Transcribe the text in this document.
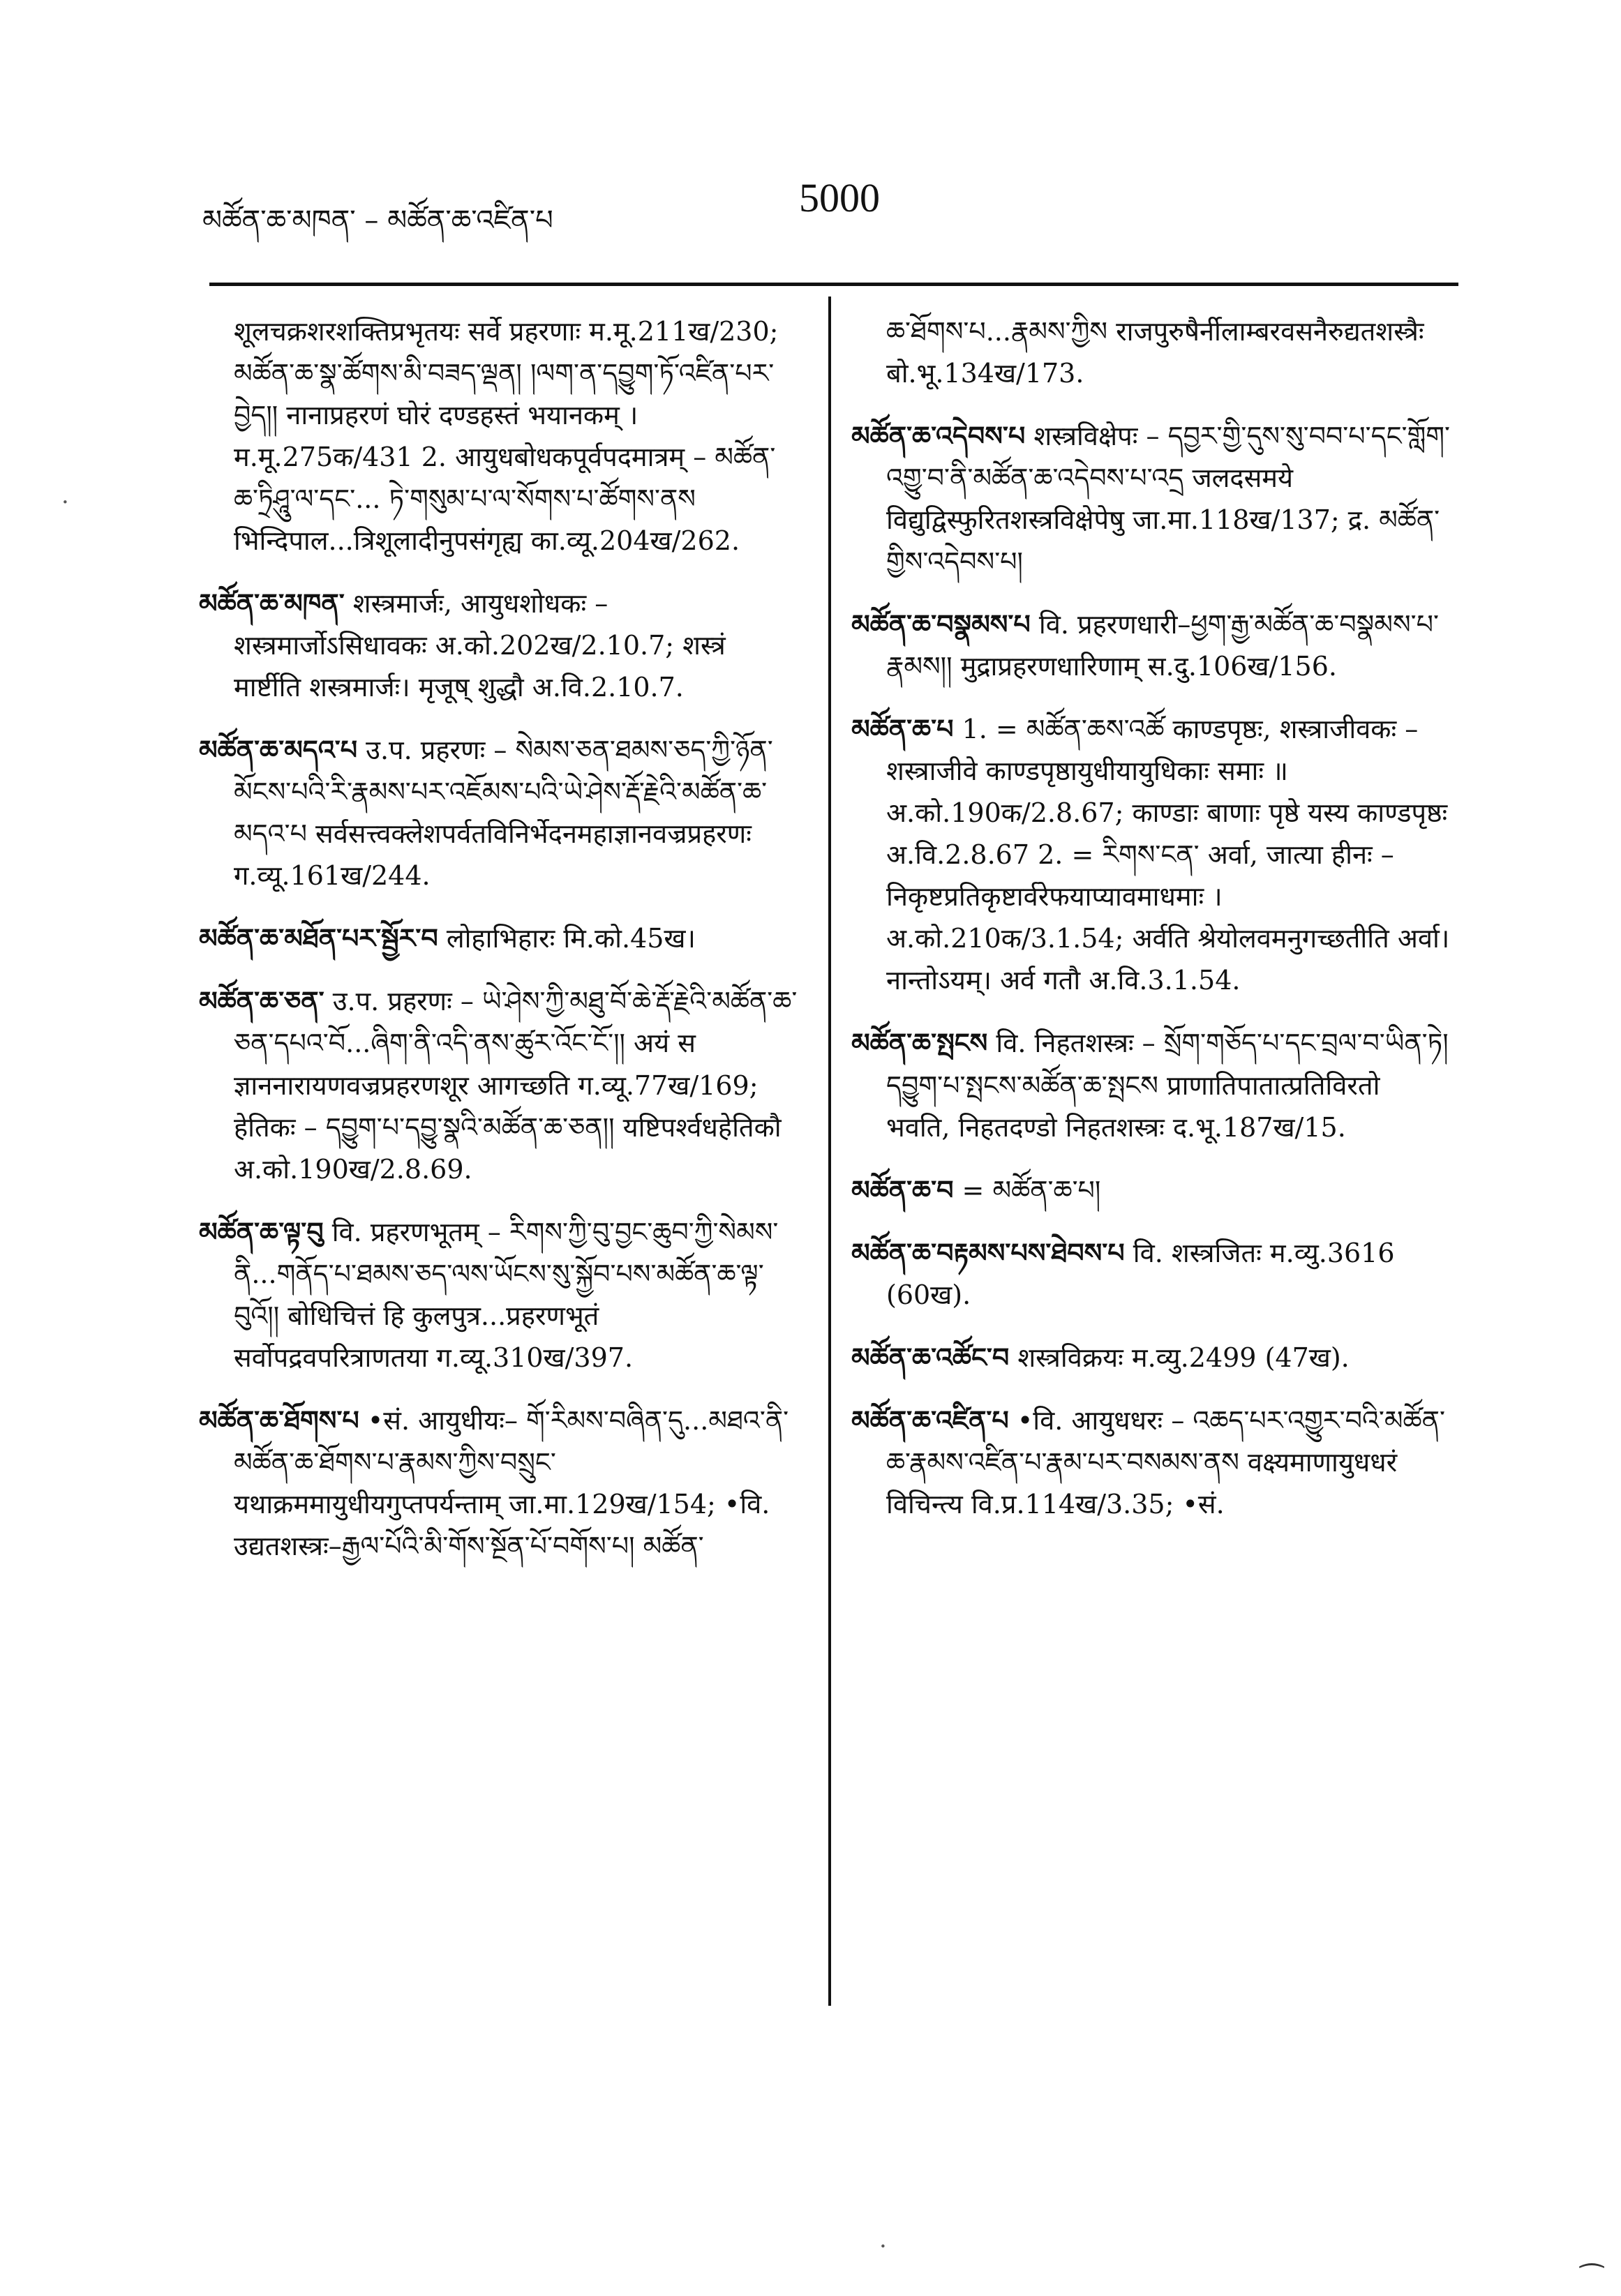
མཚོན་ཆ་མཁན་ – མཚོན་ཆ་འཛིན་པ	5000

शूलचक्रशरशक्तिप्रभृतयः सर्वे प्रहरणाः म.मू.211ख/230; མཚོན་ཆ་སྣ་ཚོགས་མི་བཟད་ལྡན། །ལག་ན་དབྱུག་ཏོ་འཛིན་པར་བྱེད།། नानाप्रहरणं घोरं दण्डहस्तं भयानकम् । म.मू.275क/431 2. आयुधबोधकपूर्वपदमात्रम् – མཚོན་ཆ་ཏྲིཤཱུ་ལ་དང་... ཏེ་གསུམ་པ་ལ་སོགས་པ་ཚོགས་ནས भिन्दिपाल...त्रिशूलादीनुपसंगृह्य का.व्यू.204ख/262.

མཚོན་ཆ་མཁན་ शस्त्रमार्जः, आयुधशोधकः – शस्त्रमार्जोऽसिधावकः अ.को.202ख/2.10.7; शस्त्रं मार्ष्टीति शस्त्रमार्जः। मृजूष् शुद्धौ अ.वि.2.10.7.

མཚོན་ཆ་མདའ་པ उ.प. प्रहरणः – སེམས་ཅན་ཐམས་ཅད་ཀྱི་ཉོན་མོངས་པའི་རི་རྣམས་པར་འཇོམས་པའི་ཡེ་ཤེས་རྡོ་རྗེའི་མཚོན་ཆ་མདའ་པ सर्वसत्त्वक्लेशपर्वतविनिर्भेदनमहाज्ञानवज्रप्रहरणः ग.व्यू.161ख/244.

མཚོན་ཆ་མཐོན་པར་སྦྱོར་བ लोहाभिहारः मि.को.45ख।

མཚོན་ཆ་ཅན་ उ.प. प्रहरणः – ཡེ་ཤེས་ཀྱི་མཐུ་བོ་ཆེ་རྡོ་རྗེའི་མཚོན་ཆ་ཅན་དཔའ་བོ...ཞིག་ནི་འདི་ནས་ཚུར་འོང་ངོ་།། अयं स ज्ञाननारायणवज्रप्रहरणशूर आगच्छति ग.व्यू.77ख/169; हेतिकः – དབྱུག་པ་དབྱུ་སྣའི་མཚོན་ཆ་ཅན།། यष्टिपर्श्वधहेतिकौ अ.को.190ख/2.8.69.

མཚོན་ཆ་ལྟ་བུ वि. प्रहरणभूतम् – རིགས་ཀྱི་བུ་བྱང་ཆུབ་ཀྱི་སེམས་ནི...གནོད་པ་ཐམས་ཅད་ལས་ཡོངས་སུ་སྐྱོབ་པས་མཚོན་ཆ་ལྟ་བུའོ།། बोधिचित्तं हि कुलपुत्र...प्रहरणभूतं सर्वोपद्रवपरित्राणतया ग.व्यू.310ख/397.

མཚོན་ཆ་ཐོགས་པ •सं. आयुधीयः– གོ་རིམས་བཞིན་དུ...མཐའ་ནི་མཚོན་ཆ་ཐོགས་པ་རྣམས་ཀྱིས་བསྲུང་ यथाक्रममायुधीयगुप्तपर्यन्ताम् जा.मा.129ख/154; •वि. उद्यतशस्त्रः–རྒྱལ་པོའི་མི་གོས་སྔོན་པོ་བགོས་པ། མཚོན་

ཆ་ཐོགས་པ...རྣམས་ཀྱིས राजपुरुषैर्नीलाम्बरवसनैरुद्यतशस्त्रैः बो.भू.134ख/173.

མཚོན་ཆ་འདེབས་པ शस्त्रविक्षेपः – དབྱར་གྱི་དུས་སུ་བབ་པ་དང་གློག་འགྱུ་བ་ནི་མཚོན་ཆ་འདེབས་པ་འདྲ जलदसमये विद्युद्विस्फुरितशस्त्रविक्षेपेषु जा.मा.118ख/137; द्र. མཚོན་གྱིས་འདེབས་པ།

མཚོན་ཆ་བསྣམས་པ वि. प्रहरणधारी–ཕྱག་རྒྱ་མཚོན་ཆ་བསྣམས་པ་རྣམས།། मुद्राप्रहरणधारिणाम् स.दु.106ख/156.

མཚོན་ཆ་པ 1. = མཚོན་ཆས་འཚོ काण्डपृष्ठः, शस्त्राजीवकः – शस्त्राजीवे काण्डपृष्ठायुधीयायुधिकाः समाः ॥ अ.को.190क/2.8.67; काण्डाः बाणाः पृष्ठे यस्य काण्डपृष्ठः अ.वि.2.8.67 2. = རིགས་ངན་ अर्वा, जात्या हीनः – निकृष्टप्रतिकृष्टार्वरेफयाप्यावमाधमाः । अ.को.210क/3.1.54; अर्वति श्रेयोलवमनुगच्छतीति अर्वा। नान्तोऽयम्। अर्व गतौ अ.वि.3.1.54.

མཚོན་ཆ་སྤངས वि. निहतशस्त्रः – སྲོག་གཅོད་པ་དང་བྲལ་བ་ཡིན་ཏེ། དབྱུག་པ་སྤངས་མཚོན་ཆ་སྤངས प्राणातिपातात्प्रतिविरतो भवति, निहतदण्डो निहतशस्त्रः द.भू.187ख/15.

མཚོན་ཆ་བ = མཚོན་ཆ་པ།

མཚོན་ཆ་བརྟམས་པས་ཐེབས་པ वि. शस्त्रजितः म.व्यु.3616 (60ख).

མཚོན་ཆ་འཚོང་བ शस्त्रविक्रयः म.व्यु.2499 (47ख).

མཚོན་ཆ་འཛིན་པ •वि. आयुधधरः – འཆད་པར་འགྱུར་བའི་མཚོན་ཆ་རྣམས་འཛིན་པ་རྣམ་པར་བསམས་ནས वक्ष्यमाणायुधधरं विचिन्त्य वि.प्र.114ख/3.35; •सं.

·
·
⁀
